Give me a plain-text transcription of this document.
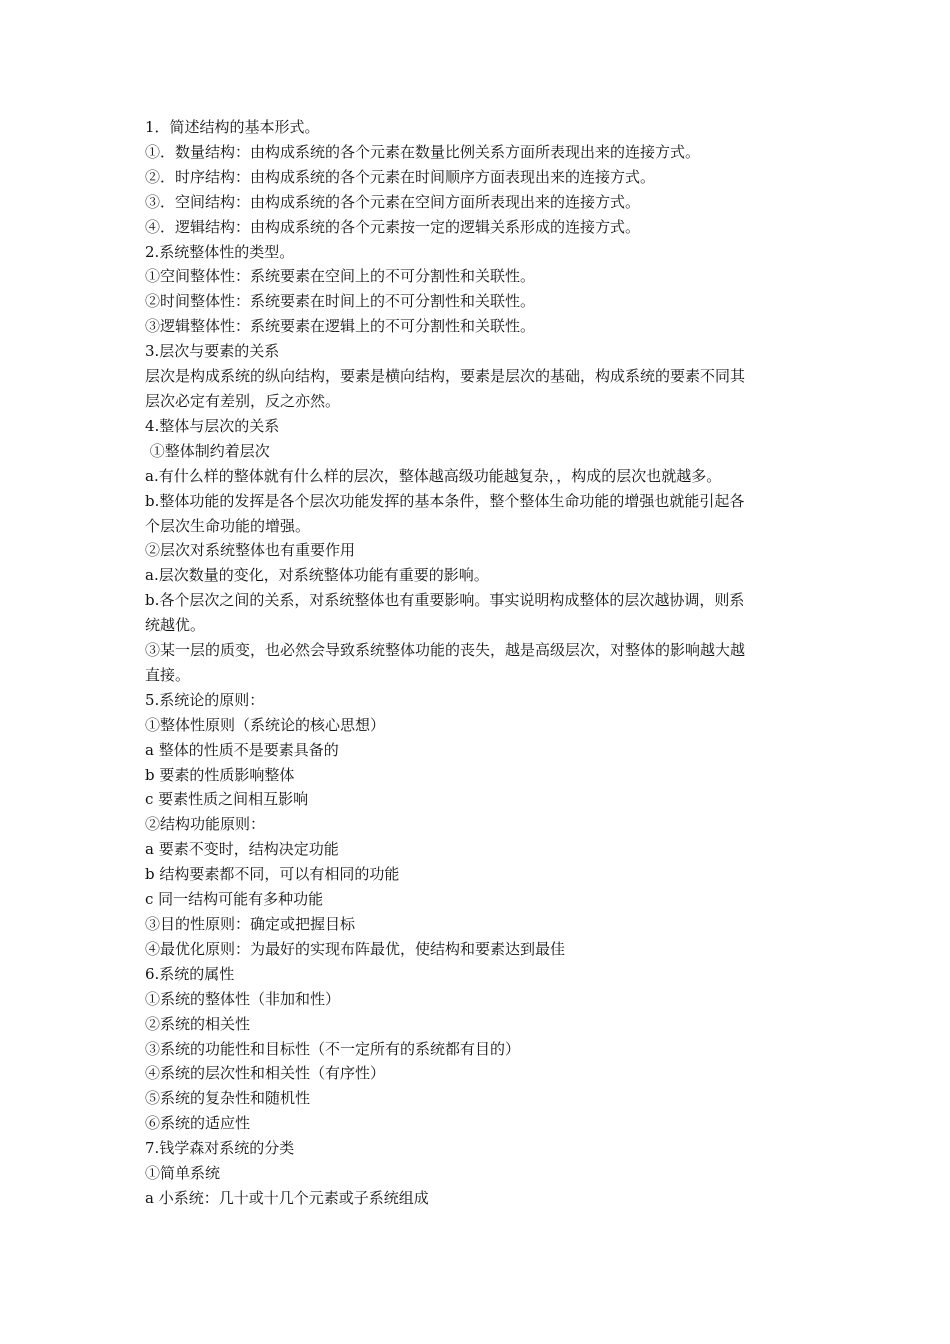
1．简述结构的基本形式。
①．数量结构：由构成系统的各个元素在数量比例关系方面所表现出来的连接方式。
②．时序结构：由构成系统的各个元素在时间顺序方面表现出来的连接方式。
③．空间结构：由构成系统的各个元素在空间方面所表现出来的连接方式。
④．逻辑结构：由构成系统的各个元素按一定的逻辑关系形成的连接方式。
2.系统整体性的类型。
①空间整体性：系统要素在空间上的不可分割性和关联性。
②时间整体性：系统要素在时间上的不可分割性和关联性。
③逻辑整体性：系统要素在逻辑上的不可分割性和关联性。
3.层次与要素的关系
层次是构成系统的纵向结构，要素是横向结构，要素是层次的基础，构成系统的要素不同其
层次必定有差别，反之亦然。
4.整体与层次的关系
①整体制约着层次
a.有什么样的整体就有什么样的层次，整体越高级功能越复杂，，构成的层次也就越多。
b.整体功能的发挥是各个层次功能发挥的基本条件，整个整体生命功能的增强也就能引起各
个层次生命功能的增强。
②层次对系统整体也有重要作用
a.层次数量的变化，对系统整体功能有重要的影响。
b.各个层次之间的关系，对系统整体也有重要影响。事实说明构成整体的层次越协调，则系
统越优。
③某一层的质变，也必然会导致系统整体功能的丧失，越是高级层次，对整体的影响越大越
直接。
5.系统论的原则：
①整体性原则（系统论的核心思想）
a 整体的性质不是要素具备的
b 要素的性质影响整体
c 要素性质之间相互影响
②结构功能原则：
a 要素不变时，结构决定功能
b 结构要素都不同，可以有相同的功能
c 同一结构可能有多种功能
③目的性原则：确定或把握目标
④最优化原则：为最好的实现布阵最优，使结构和要素达到最佳
6.系统的属性
①系统的整体性（非加和性）
②系统的相关性
③系统的功能性和目标性（不一定所有的系统都有目的）
④系统的层次性和相关性（有序性）
⑤系统的复杂性和随机性
⑥系统的适应性
7.钱学森对系统的分类
①简单系统
a 小系统：几十或十几个元素或子系统组成
